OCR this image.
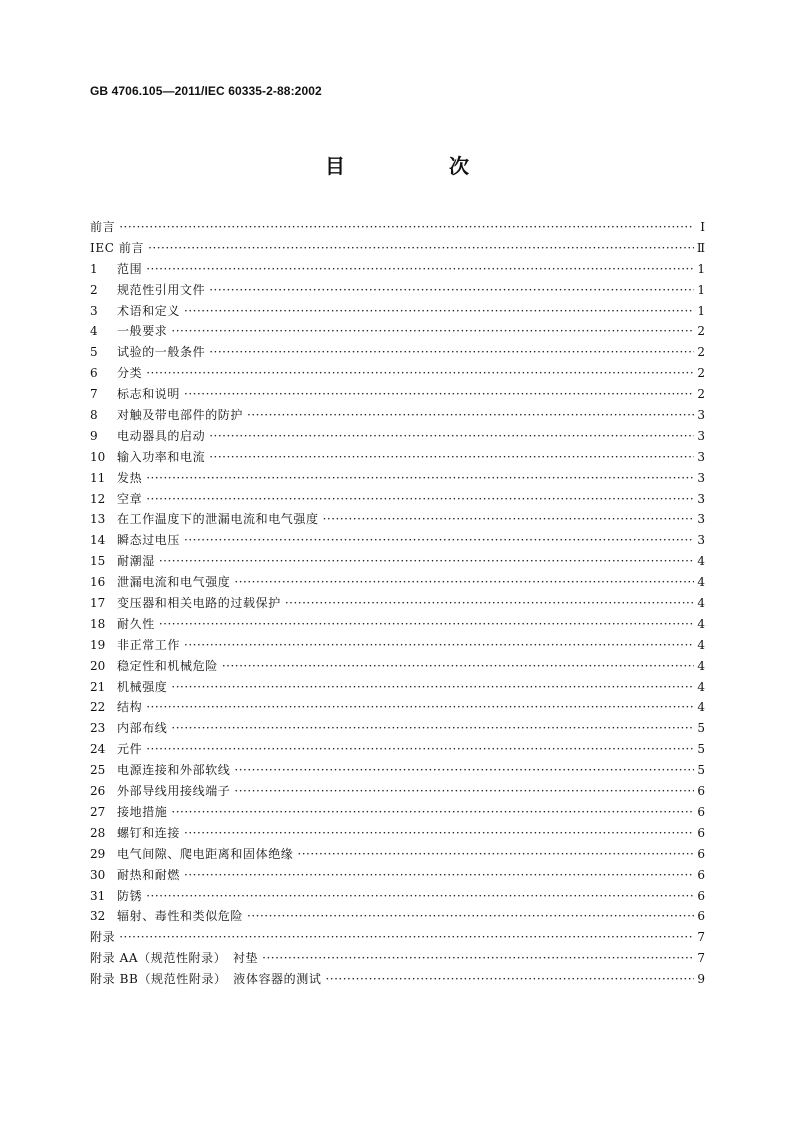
GB 4706.105—2011/IEC 60335-2-88:2002
目　次
前言 ·····	Ⅰ
IEC 前言 ·····	Ⅱ
1	范围 ·····	1
2	规范性引用文件 ·····	1
3	术语和定义 ·····	1
4	一般要求 ·····	2
5	试验的一般条件 ·····	2
6	分类 ·····	2
7	标志和说明 ·····	2
8	对触及带电部件的防护 ·····	3
9	电动器具的启动 ·····	3
10 输入功率和电流 ·····	3
11 发热 ·····	3
12 空章 ·····	3
13 在工作温度下的泄漏电流和电气强度 ·····	3
14 瞬态过电压 ·····	3
15 耐潮湿 ·····	4
16 泄漏电流和电气强度 ·····	4
17 变压器和相关电路的过载保护 ·····	4
18 耐久性 ·····	4
19 非正常工作 ·····	4
20 稳定性和机械危险 ·····	4
21 机械强度 ·····	4
22 结构 ·····	4
23 内部布线 ·····	5
24 元件 ·····	5
25 电源连接和外部软线 ·····	5
26 外部导线用接线端子 ·····	6
27 接地措施 ·····	6
28 螺钉和连接 ·····	6
29 电气间隙、爬电距离和固体绝缘 ·····	6
30 耐热和耐燃 ·····	6
31 防锈 ·····	6
32 辐射、毒性和类似危险 ·····	6
附录 ·····	7
附录 AA（规范性附录）　衬垫 ·····	7
附录 BB（规范性附录）　液体容器的测试 ·····	9
